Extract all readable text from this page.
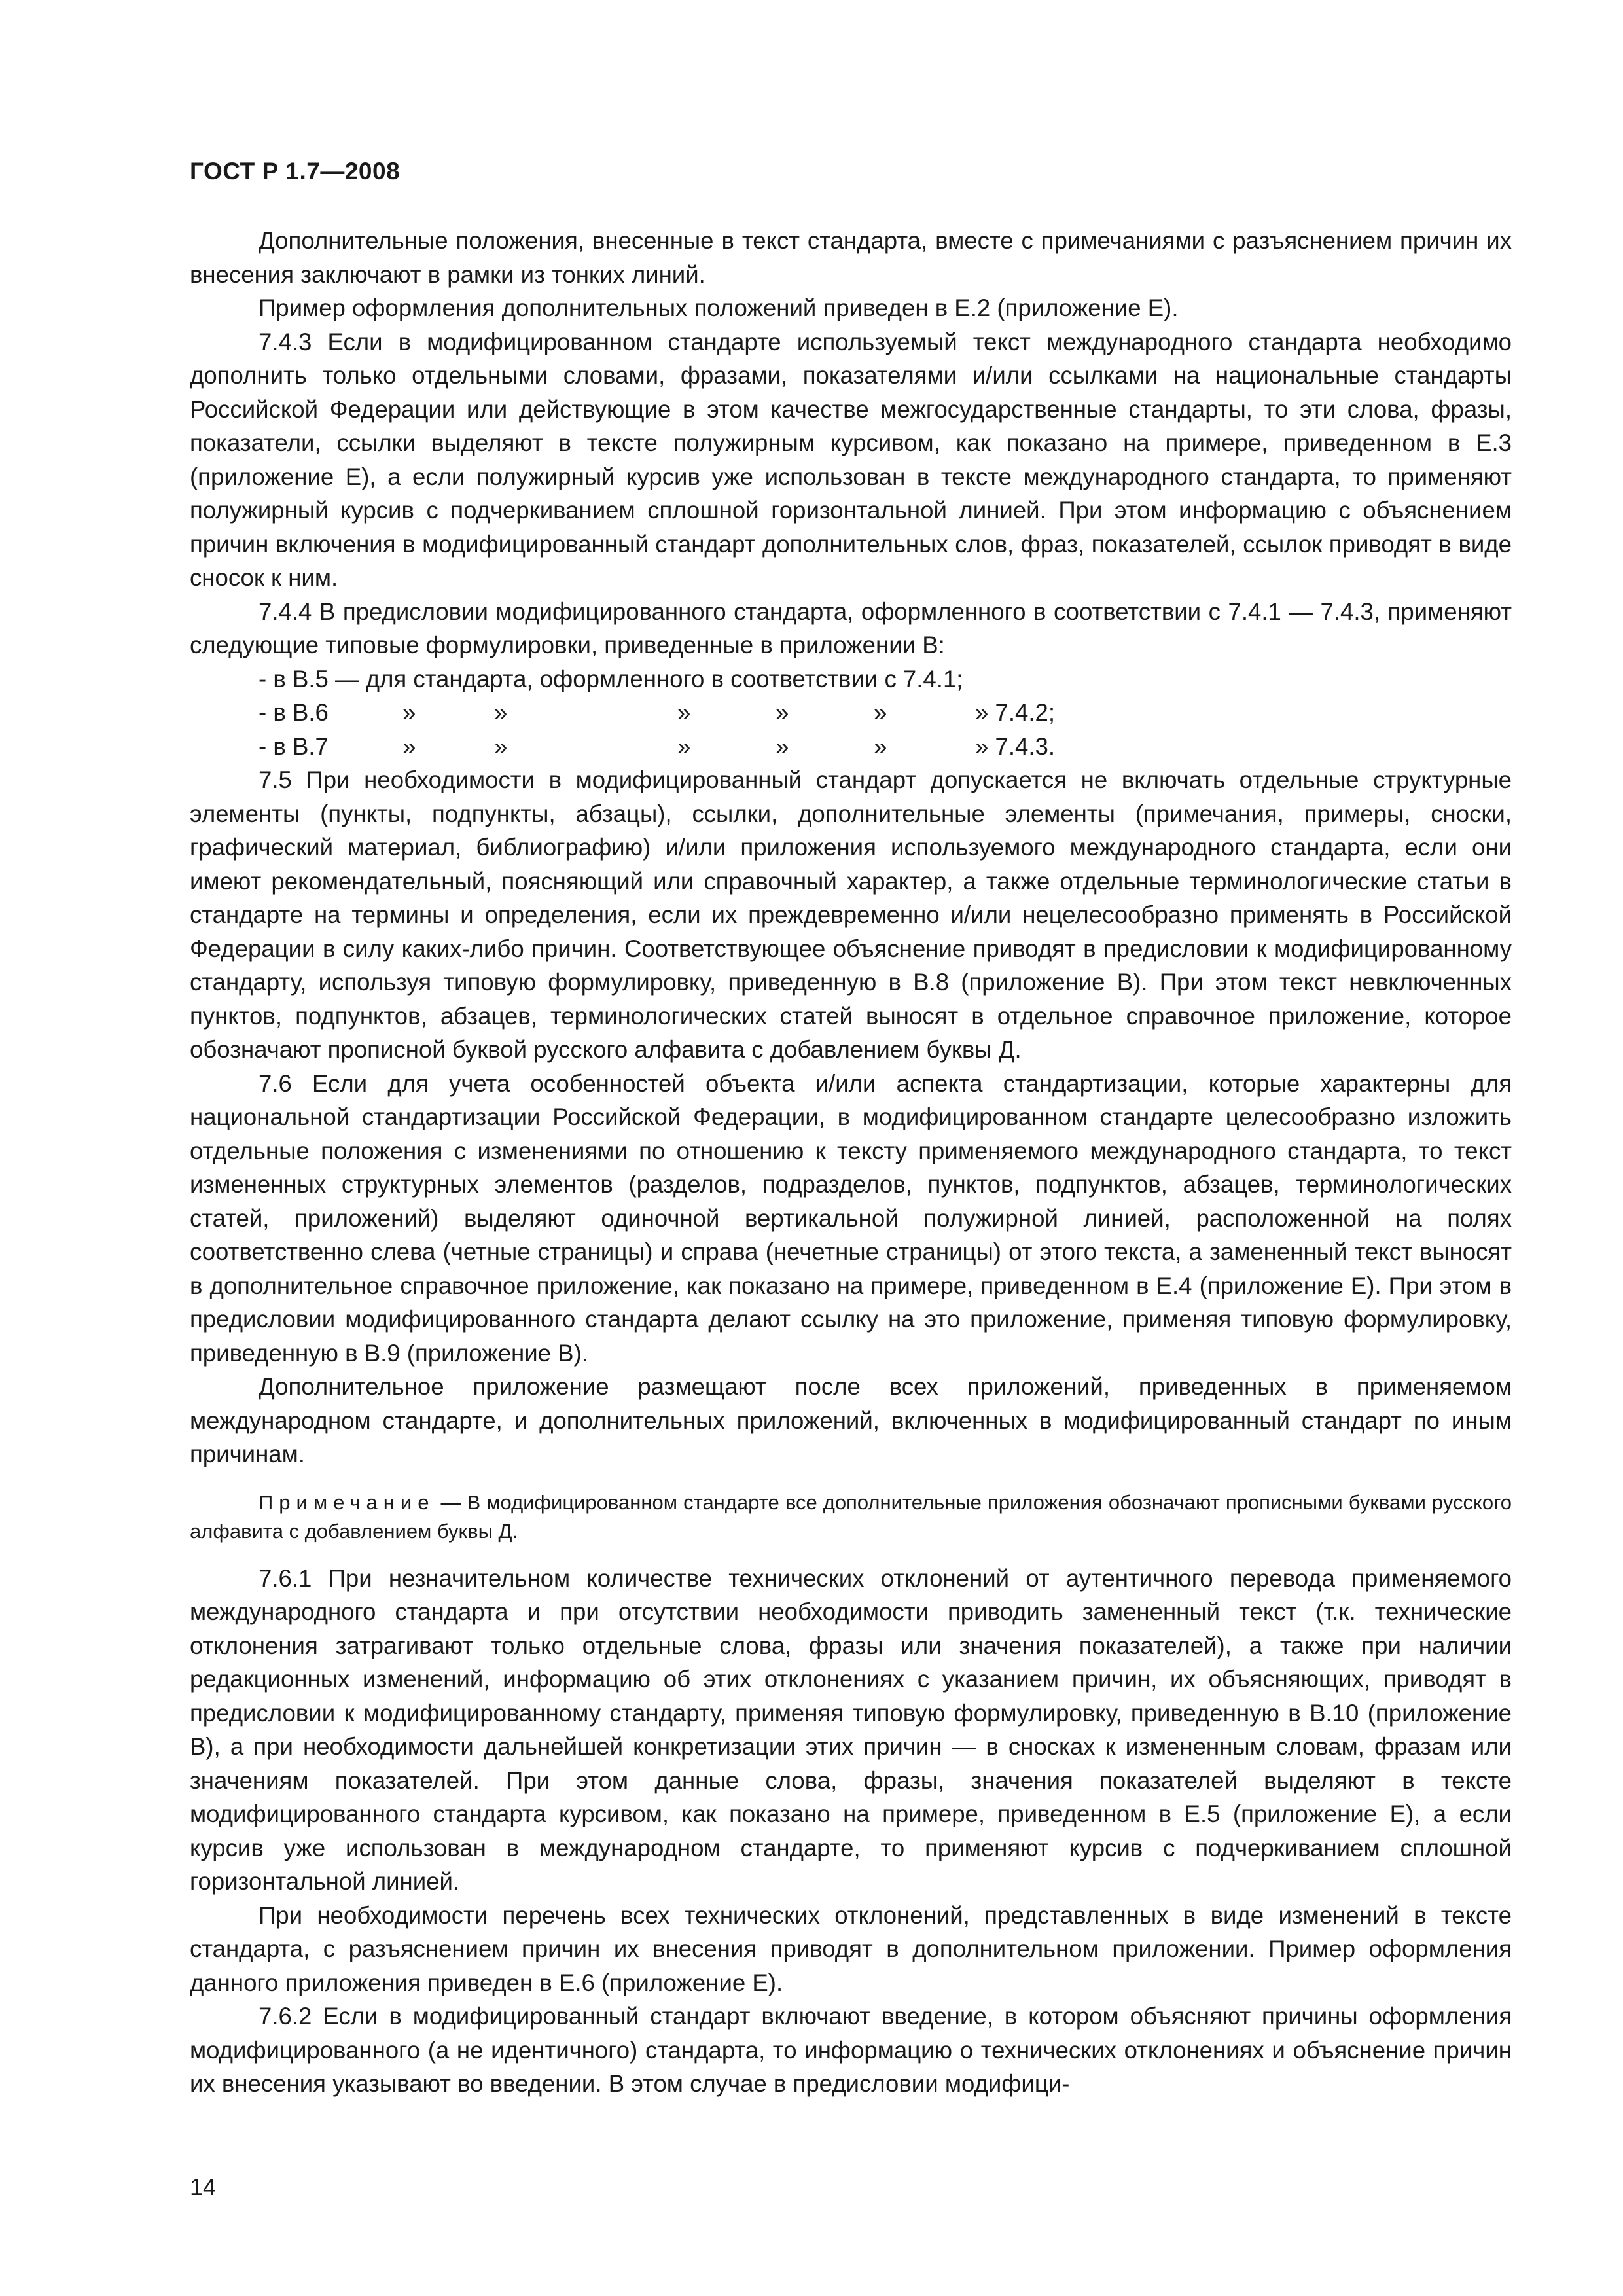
ГОСТ Р 1.7—2008

Дополнительные положения, внесенные в текст стандарта, вместе с примечаниями с разъяснением причин их внесения заключают в рамки из тонких линий.

Пример оформления дополнительных положений приведен в Е.2 (приложение Е).

7.4.3 Если в модифицированном стандарте используемый текст международного стандарта необходимо дополнить только отдельными словами, фразами, показателями и/или ссылками на национальные стандарты Российской Федерации или действующие в этом качестве межгосударственные стандарты, то эти слова, фразы, показатели, ссылки выделяют в тексте полужирным курсивом, как показано на примере, приведенном в Е.3 (приложение Е), а если полужирный курсив уже использован в тексте международного стандарта, то применяют полужирный курсив с подчеркиванием сплошной горизонтальной линией. При этом информацию с объяснением причин включения в модифицированный стандарт дополнительных слов, фраз, показателей, ссылок приводят в виде сносок к ним.

7.4.4 В предисловии модифицированного стандарта, оформленного в соответствии с 7.4.1 — 7.4.3, применяют следующие типовые формулировки, приведенные в приложении В:

- в В.5 — для стандарта, оформленного в соответствии с 7.4.1;
- в В.6	»	»	»	»	»	» 7.4.2;
- в В.7	»	»	»	»	»	» 7.4.3.

7.5 При необходимости в модифицированный стандарт допускается не включать отдельные структурные элементы (пункты, подпункты, абзацы), ссылки, дополнительные элементы (примечания, примеры, сноски, графический материал, библиографию) и/или приложения используемого международного стандарта, если они имеют рекомендательный, поясняющий или справочный характер, а также отдельные терминологические статьи в стандарте на термины и определения, если их преждевременно и/или нецелесообразно применять в Российской Федерации в силу каких-либо причин. Соответствующее объяснение приводят в предисловии к модифицированному стандарту, используя типовую формулировку, приведенную в В.8 (приложение В). При этом текст невключенных пунктов, подпунктов, абзацев, терминологических статей выносят в отдельное справочное приложение, которое обозначают прописной буквой русского алфавита с добавлением буквы Д.

7.6 Если для учета особенностей объекта и/или аспекта стандартизации, которые характерны для национальной стандартизации Российской Федерации, в модифицированном стандарте целесообразно изложить отдельные положения с изменениями по отношению к тексту применяемого международного стандарта, то текст измененных структурных элементов (разделов, подразделов, пунктов, подпунктов, абзацев, терминологических статей, приложений) выделяют одиночной вертикальной полужирной линией, расположенной на полях соответственно слева (четные страницы) и справа (нечетные страницы) от этого текста, а замененный текст выносят в дополнительное справочное приложение, как показано на примере, приведенном в Е.4 (приложение Е). При этом в предисловии модифицированного стандарта делают ссылку на это приложение, применяя типовую формулировку, приведенную в В.9 (приложение В).

Дополнительное приложение размещают после всех приложений, приведенных в применяемом международном стандарте, и дополнительных приложений, включенных в модифицированный стандарт по иным причинам.

Примечание — В модифицированном стандарте все дополнительные приложения обозначают прописными буквами русского алфавита с добавлением буквы Д.

7.6.1 При незначительном количестве технических отклонений от аутентичного перевода применяемого международного стандарта и при отсутствии необходимости приводить замененный текст (т.к. технические отклонения затрагивают только отдельные слова, фразы или значения показателей), а также при наличии редакционных изменений, информацию об этих отклонениях с указанием причин, их объясняющих, приводят в предисловии к модифицированному стандарту, применяя типовую формулировку, приведенную в В.10 (приложение В), а при необходимости дальнейшей конкретизации этих причин — в сносках к измененным словам, фразам или значениям показателей. При этом данные слова, фразы, значения показателей выделяют в тексте модифицированного стандарта курсивом, как показано на примере, приведенном в Е.5 (приложение Е), а если курсив уже использован в международном стандарте, то применяют курсив с подчеркиванием сплошной горизонтальной линией.

При необходимости перечень всех технических отклонений, представленных в виде изменений в тексте стандарта, с разъяснением причин их внесения приводят в дополнительном приложении. Пример оформления данного приложения приведен в Е.6 (приложение Е).

7.6.2 Если в модифицированный стандарт включают введение, в котором объясняют причины оформления модифицированного (а не идентичного) стандарта, то информацию о технических отклонениях и объяснение причин их внесения указывают во введении. В этом случае в предисловии модифици-

14
